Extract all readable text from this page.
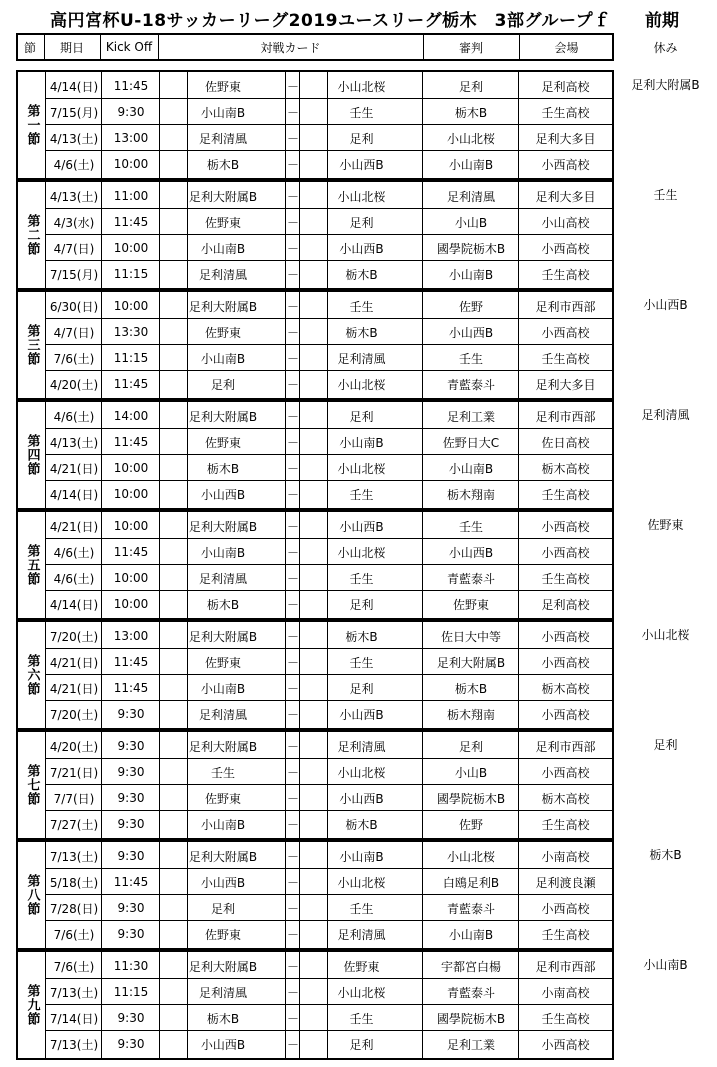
高円宮杯U-18サッカーリーグ2019ユースリーグ栃木　3部グループｆ 前期
節	期日	Kick Off	対戦カード	審判	会場	休み
第一節
4/14(日)	11:45	佐野東	－	小山北桜	足利	足利高校
7/15(月)	9:30	小山南B	－	壬生	栃木B	壬生高校
4/13(土)	13:00	足利清風	－	足利	小山北桜	足利大多目
4/6(土)	10:00	栃木B	－	小山西B	小山南B	小西高校
足利大附属B
第二節
4/13(土)	11:00	足利大附属B	－	小山北桜	足利清風	足利大多目
4/3(水)	11:45	佐野東	－	足利	小山B	小山高校
4/7(日)	10:00	小山南B	－	小山西B	國學院栃木B	小西高校
7/15(月)	11:15	足利清風	－	栃木B	小山南B	壬生高校
壬生
第三節
6/30(日)	10:00	足利大附属B	－	壬生	佐野	足利市西部
4/7(日)	13:30	佐野東	－	栃木B	小山西B	小西高校
7/6(土)	11:15	小山南B	－	足利清風	壬生	壬生高校
4/20(土)	11:45	足利	－	小山北桜	青藍泰斗	足利大多目
小山西B
第四節
4/6(土)	14:00	足利大附属B	－	足利	足利工業	足利市西部
4/13(土)	11:45	佐野東	－	小山南B	佐野日大C	佐日高校
4/21(日)	10:00	栃木B	－	小山北桜	小山南B	栃木高校
4/14(日)	10:00	小山西B	－	壬生	栃木翔南	壬生高校
足利清風
第五節
4/21(日)	10:00	足利大附属B	－	小山西B	壬生	小西高校
4/6(土)	11:45	小山南B	－	小山北桜	小山西B	小西高校
4/6(土)	10:00	足利清風	－	壬生	青藍泰斗	壬生高校
4/14(日)	10:00	栃木B	－	足利	佐野東	足利高校
佐野東
第六節
7/20(土)	13:00	足利大附属B	－	栃木B	佐日大中等	小西高校
4/21(日)	11:45	佐野東	－	壬生	足利大附属B	小西高校
4/21(日)	11:45	小山南B	－	足利	栃木B	栃木高校
7/20(土)	9:30	足利清風	－	小山西B	栃木翔南	小西高校
小山北桜
第七節
4/20(土)	9:30	足利大附属B	－	足利清風	足利	足利市西部
7/21(日)	9:30	壬生	－	小山北桜	小山B	小西高校
7/7(日)	9:30	佐野東	－	小山西B	國學院栃木B	栃木高校
7/27(土)	9:30	小山南B	－	栃木B	佐野	壬生高校
足利
第八節
7/13(土)	9:30	足利大附属B	－	小山南B	小山北桜	小南高校
5/18(土)	11:45	小山西B	－	小山北桜	白鴎足利B	足利渡良瀬
7/28(日)	9:30	足利	－	壬生	青藍泰斗	小西高校
7/6(土)	9:30	佐野東	－	足利清風	小山南B	壬生高校
栃木B
第九節
7/6(土)	11:30	足利大附属B	－	佐野東	宇都宮白楊	足利市西部
7/13(土)	11:15	足利清風	－	小山北桜	青藍泰斗	小南高校
7/14(日)	9:30	栃木B	－	壬生	國學院栃木B	壬生高校
7/13(土)	9:30	小山西B	－	足利	足利工業	小西高校
小山南B
